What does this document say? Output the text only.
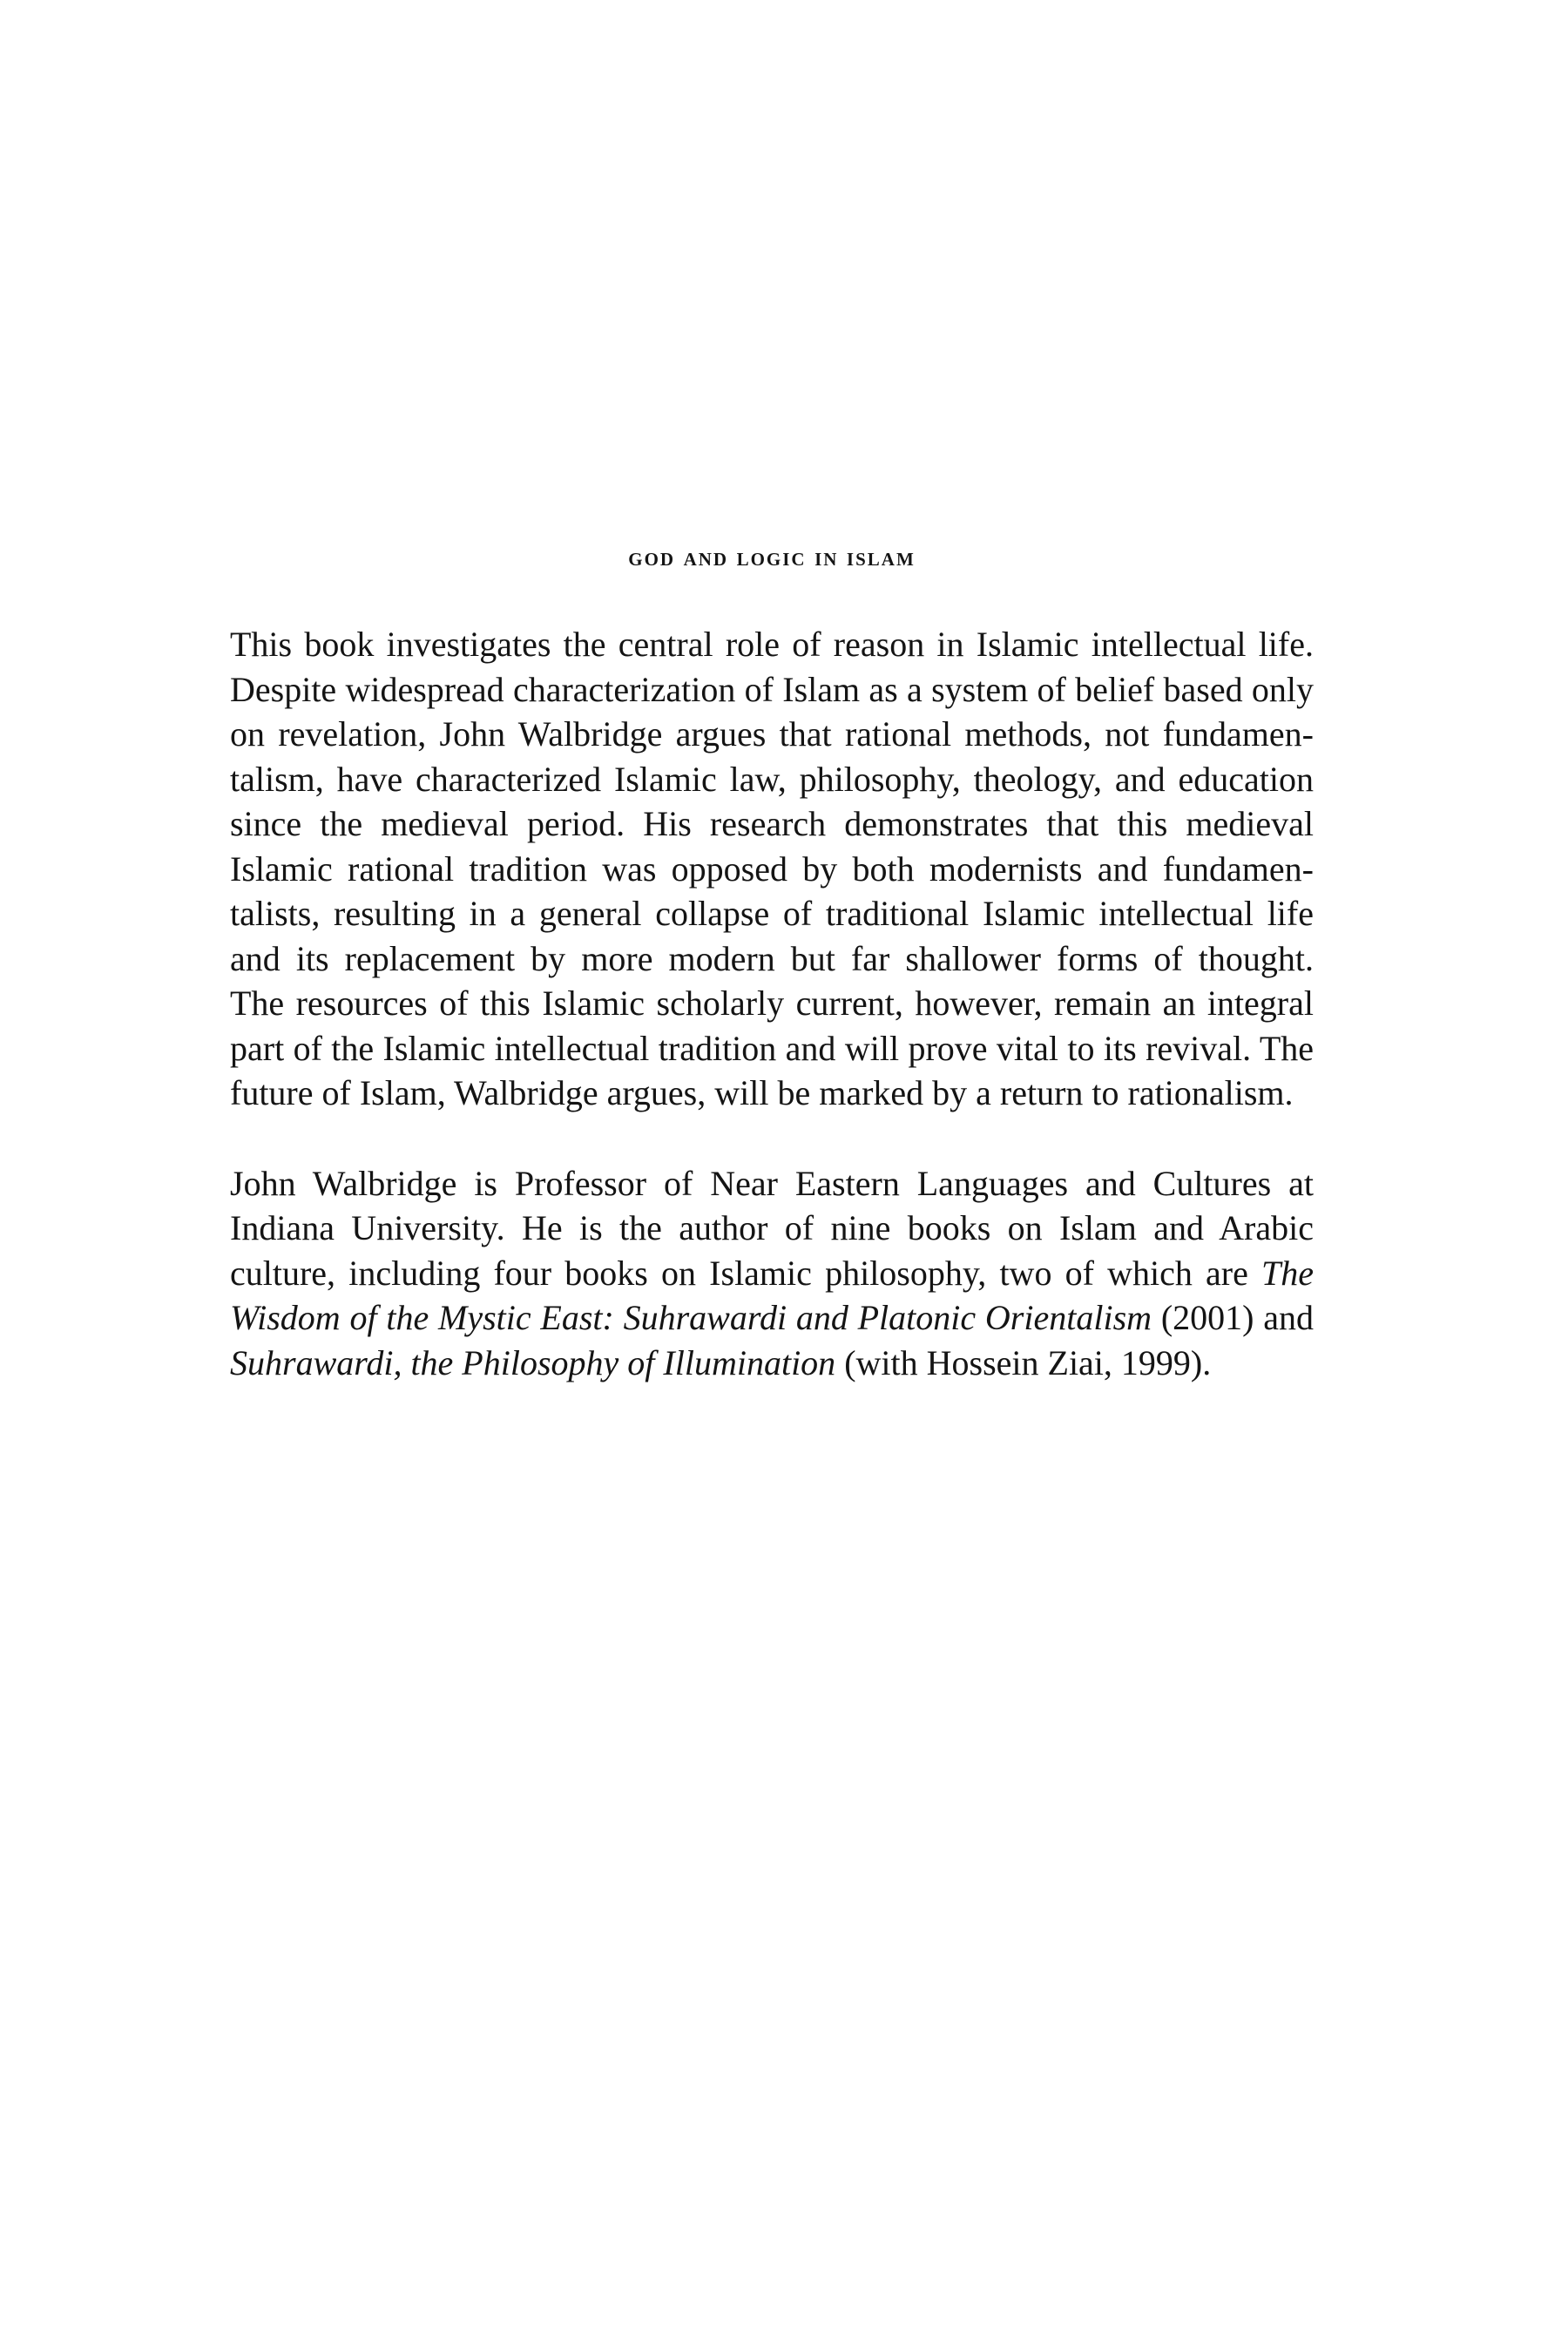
god and logic in islam

This book investigates the central role of reason in Islamic intellectual life.
Despite widespread characterization of Islam as a system of belief based only
on revelation, John Walbridge argues that rational methods, not fundamen-
talism, have characterized Islamic law, philosophy, theology, and education
since the medieval period. His research demonstrates that this medieval
Islamic rational tradition was opposed by both modernists and fundamen-
talists, resulting in a general collapse of traditional Islamic intellectual life
and its replacement by more modern but far shallower forms of thought.
The resources of this Islamic scholarly current, however, remain an integral
part of the Islamic intellectual tradition and will prove vital to its revival. The
future of Islam, Walbridge argues, will be marked by a return to rationalism.

John Walbridge is Professor of Near Eastern Languages and Cultures at
Indiana University. He is the author of nine books on Islam and Arabic
culture, including four books on Islamic philosophy, two of which are The
Wisdom of the Mystic East: Suhrawardi and Platonic Orientalism (2001) and
Suhrawardi, the Philosophy of Illumination (with Hossein Ziai, 1999).
